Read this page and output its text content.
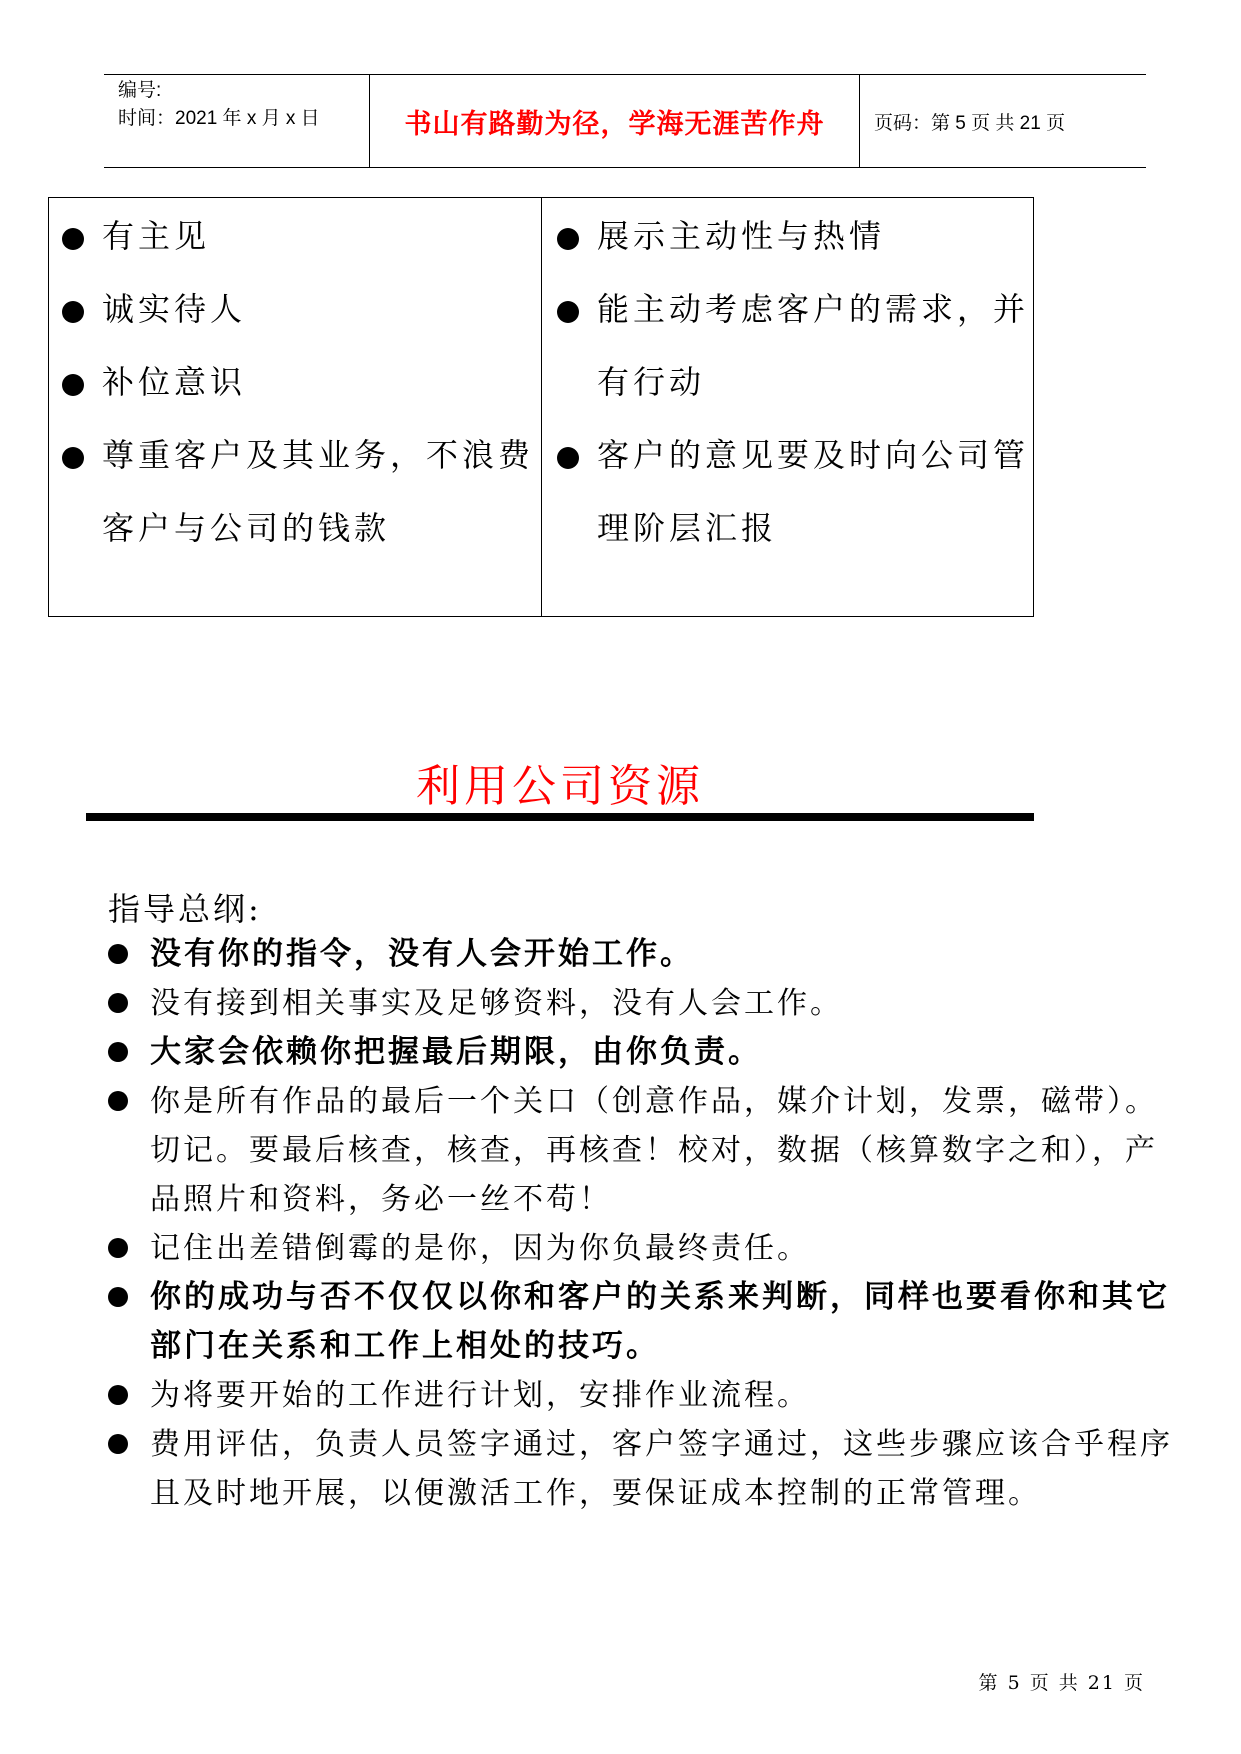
编号:
时间：2021 年 x 月 x 日	书山有路勤为径，学海无涯苦作舟	页码：第 5 页 共 21 页
有主见
诚实待人
补位意识
尊重客户及其业务，不浪费客户与公司的钱款
展示主动性与热情
能主动考虑客户的需求，并有行动
客户的意见要及时向公司管理阶层汇报
利用公司资源
指导总纲:
没有你的指令，没有人会开始工作。
没有接到相关事实及足够资料，没有人会工作。
大家会依赖你把握最后期限，由你负责。
你是所有作品的最后一个关口（创意作品，媒介计划，发票，磁带）。切记。要最后核查，核查，再核查！校对，数据（核算数字之和），产品照片和资料，务必一丝不苟！
记住出差错倒霉的是你，因为你负最终责任。
你的成功与否不仅仅以你和客户的关系来判断，同样也要看你和其它部门在关系和工作上相处的技巧。
为将要开始的工作进行计划，安排作业流程。
费用评估，负责人员签字通过，客户签字通过，这些步骤应该合乎程序且及时地开展，以便激活工作，要保证成本控制的正常管理。
第 5 页 共 21 页
